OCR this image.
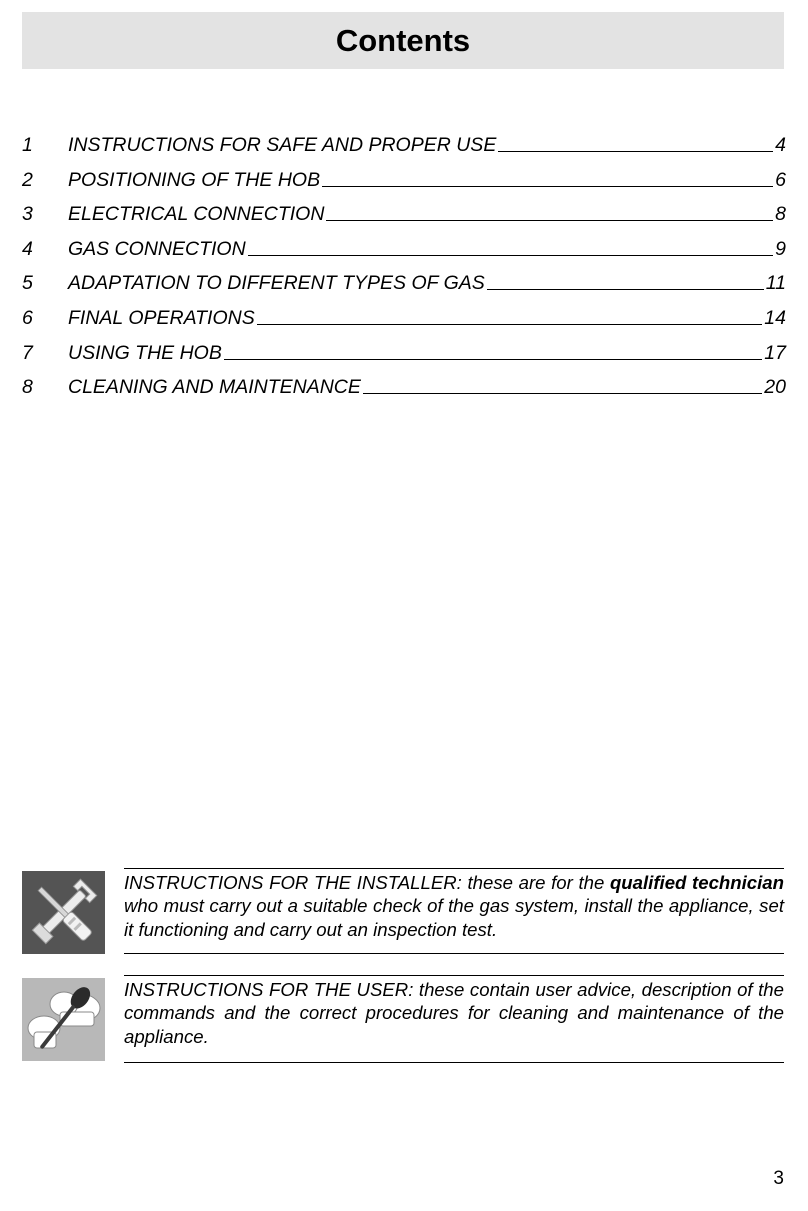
Contents
1	INSTRUCTIONS FOR SAFE AND PROPER USE	4
2	POSITIONING OF THE HOB	6
3	ELECTRICAL CONNECTION	8
4	GAS CONNECTION	9
5	ADAPTATION TO DIFFERENT TYPES OF GAS	11
6	FINAL OPERATIONS	14
7	USING THE HOB	17
8	CLEANING AND MAINTENANCE	20

INSTRUCTIONS FOR THE INSTALLER: these are for the qualified technician who must carry out a suitable check of the gas system, install the appliance, set it functioning and carry out an inspection test.

INSTRUCTIONS FOR THE USER: these contain user advice, description of the commands and the correct procedures for cleaning and maintenance of the appliance.

3
